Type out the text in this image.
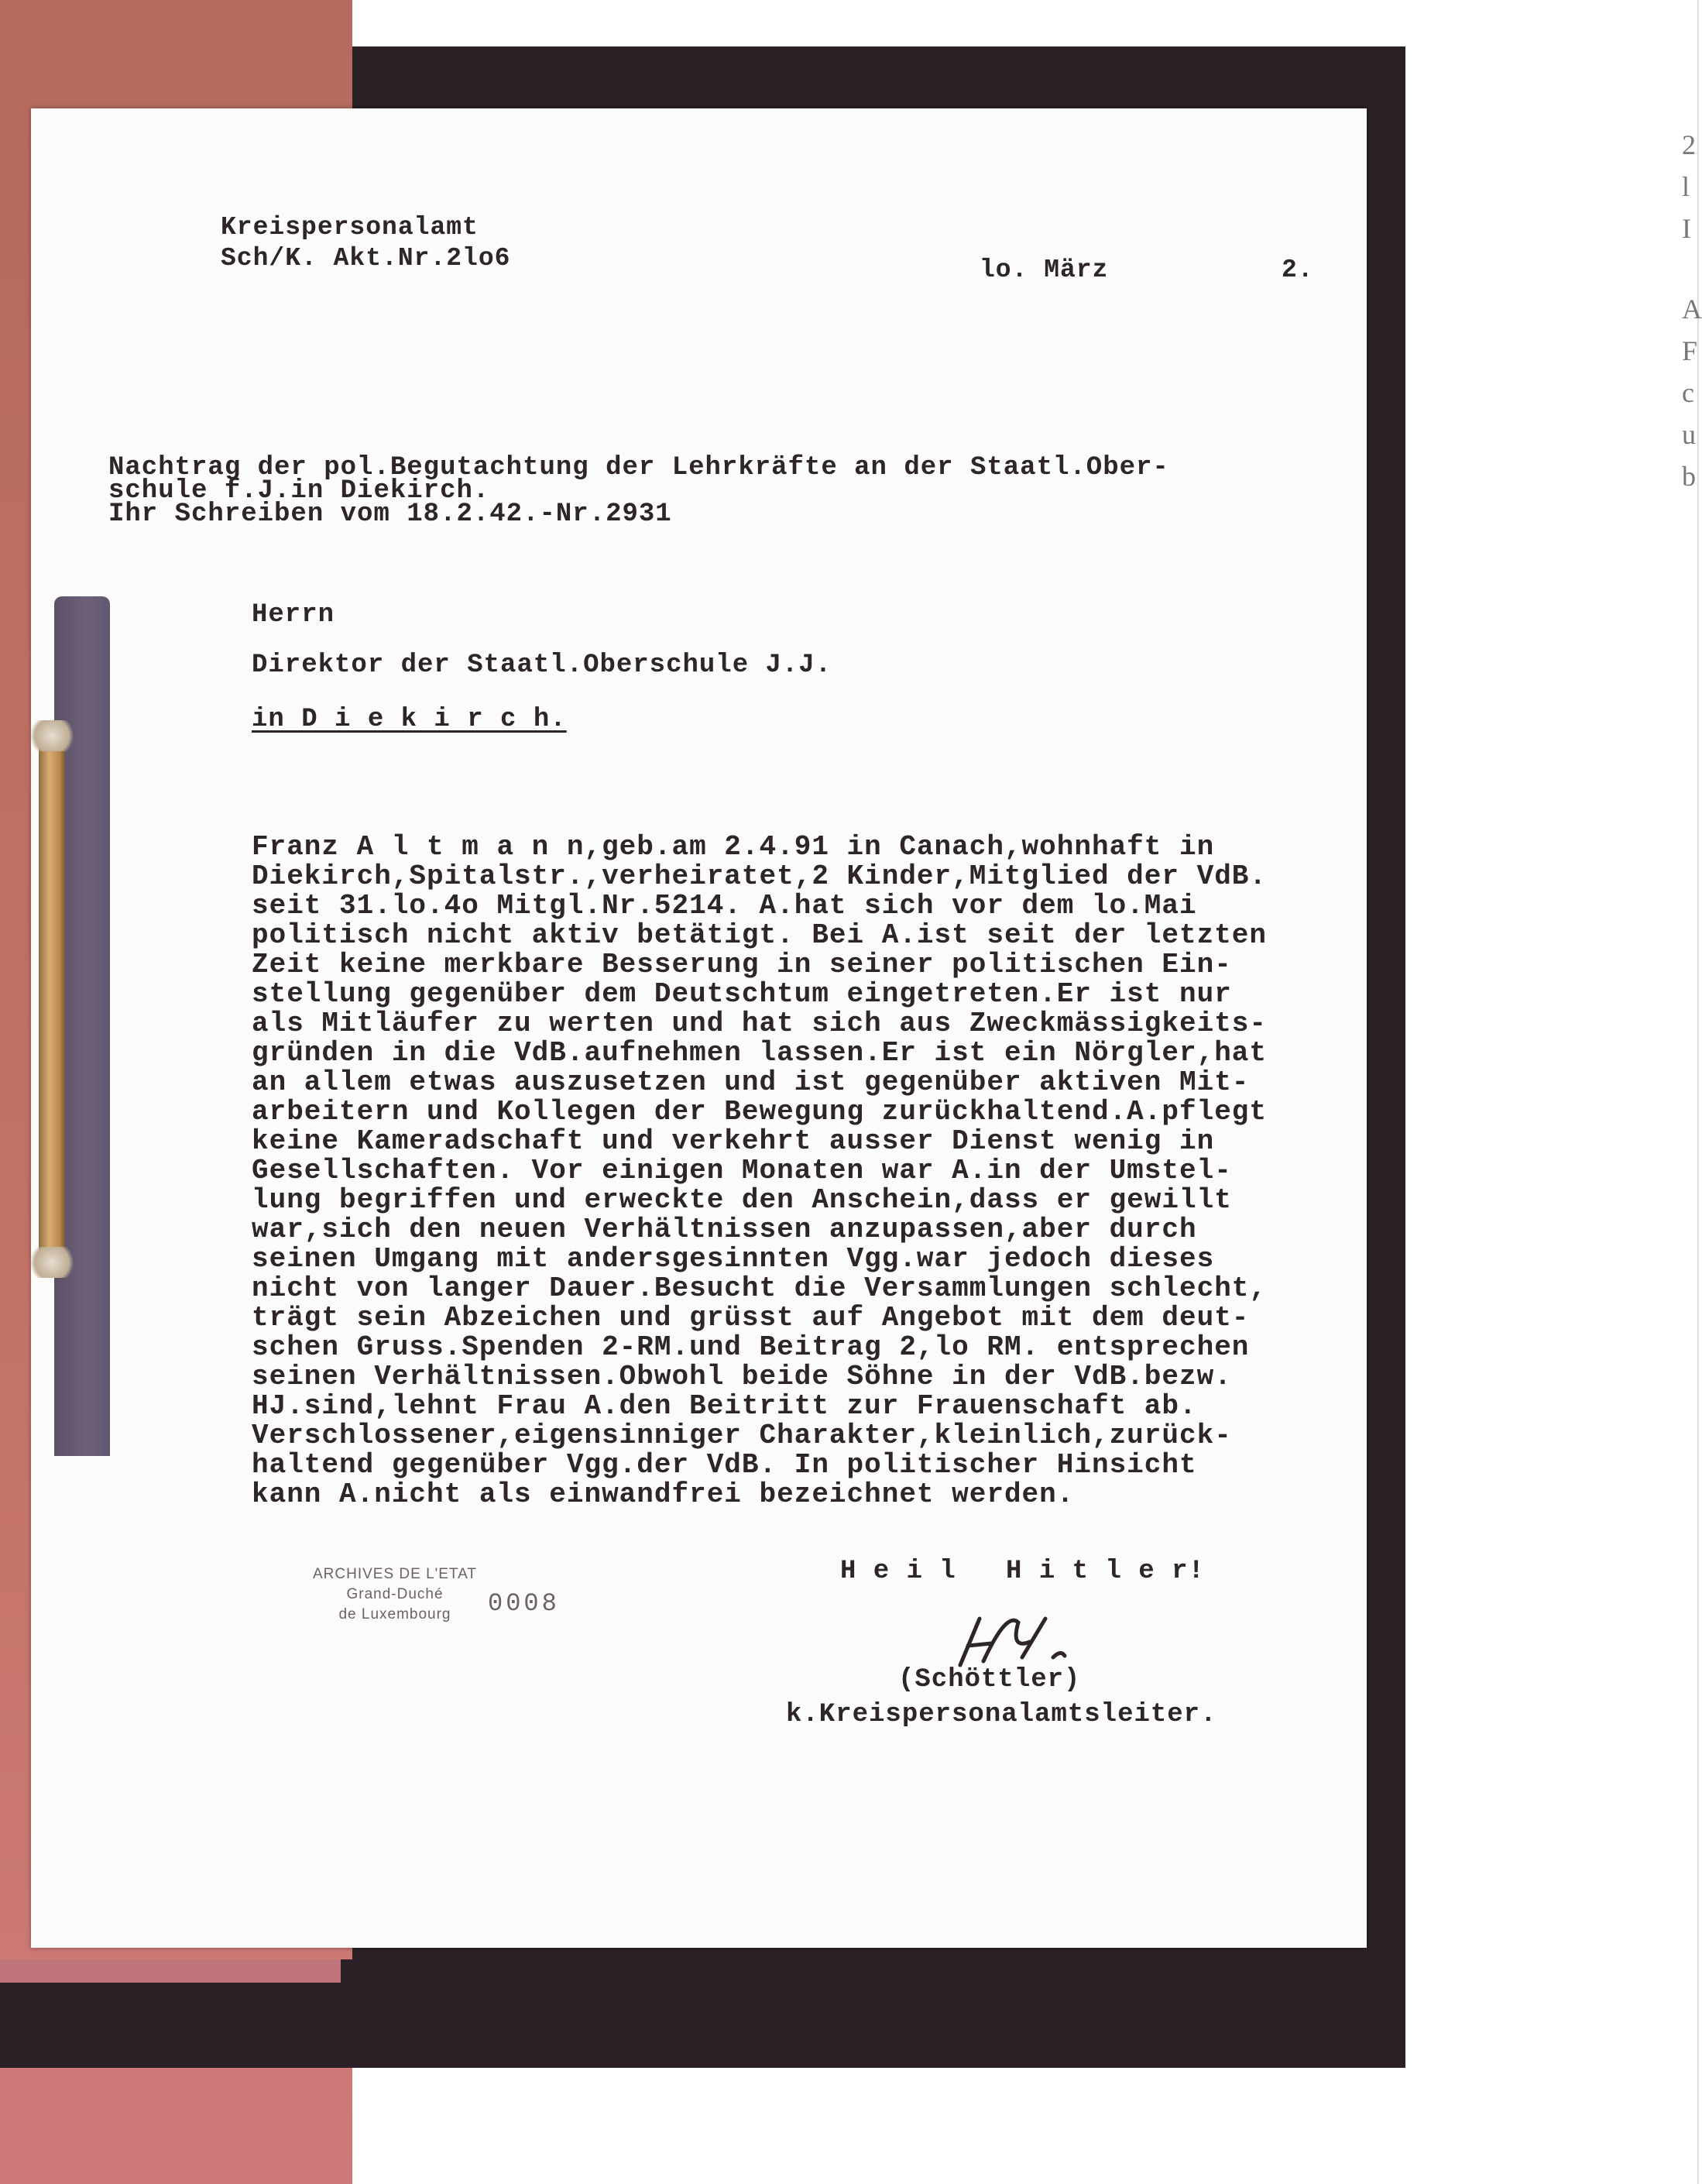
2
l
I
A
F
c
u
b
Kreispersonalamt
Sch/K. Akt.Nr.2lo6	lo. März	2.
Nachtrag der pol.Begutachtung der Lehrkräfte an der Staatl.Ober-
schule f.J.in Diekirch.
Ihr Schreiben vom 18.2.42.-Nr.2931
Herrn
Direktor der Staatl.Oberschule J.J.
in D i e k i r c h.
Franz A l t m a n n,geb.am 2.4.91 in Canach,wohnhaft in
Diekirch,Spitalstr.,verheiratet,2 Kinder,Mitglied der VdB.
seit 31.lo.4o Mitgl.Nr.5214. A.hat sich vor dem lo.Mai
politisch nicht aktiv betätigt. Bei A.ist seit der letzten
Zeit keine merkbare Besserung in seiner politischen Ein-
stellung gegenüber dem Deutschtum eingetreten.Er ist nur
als Mitläufer zu werten und hat sich aus Zweckmässigkeits-
gründen in die VdB.aufnehmen lassen.Er ist ein Nörgler,hat
an allem etwas auszusetzen und ist gegenüber aktiven Mit-
arbeitern und Kollegen der Bewegung zurückhaltend.A.pflegt
keine Kameradschaft und verkehrt ausser Dienst wenig in
Gesellschaften. Vor einigen Monaten war A.in der Umstel-
lung begriffen und erweckte den Anschein,dass er gewillt
war,sich den neuen Verhältnissen anzupassen,aber durch
seinen Umgang mit andersgesinnten Vgg.war jedoch dieses
nicht von langer Dauer.Besucht die Versammlungen schlecht,
trägt sein Abzeichen und grüsst auf Angebot mit dem deut-
schen Gruss.Spenden 2-RM.und Beitrag 2,lo RM. entsprechen
seinen Verhältnissen.Obwohl beide Söhne in der VdB.bezw.
HJ.sind,lehnt Frau A.den Beitritt zur Frauenschaft ab.
Verschlossener,eigensinniger Charakter,kleinlich,zurück-
haltend gegenüber Vgg.der VdB. In politischer Hinsicht
kann A.nicht als einwandfrei bezeichnet werden.
H e i l   H i t l e r!
(Schöttler)
k.Kreispersonalamtsleiter.
ARCHIVES DE L'ETAT
Grand-Duché
de Luxembourg	0008
